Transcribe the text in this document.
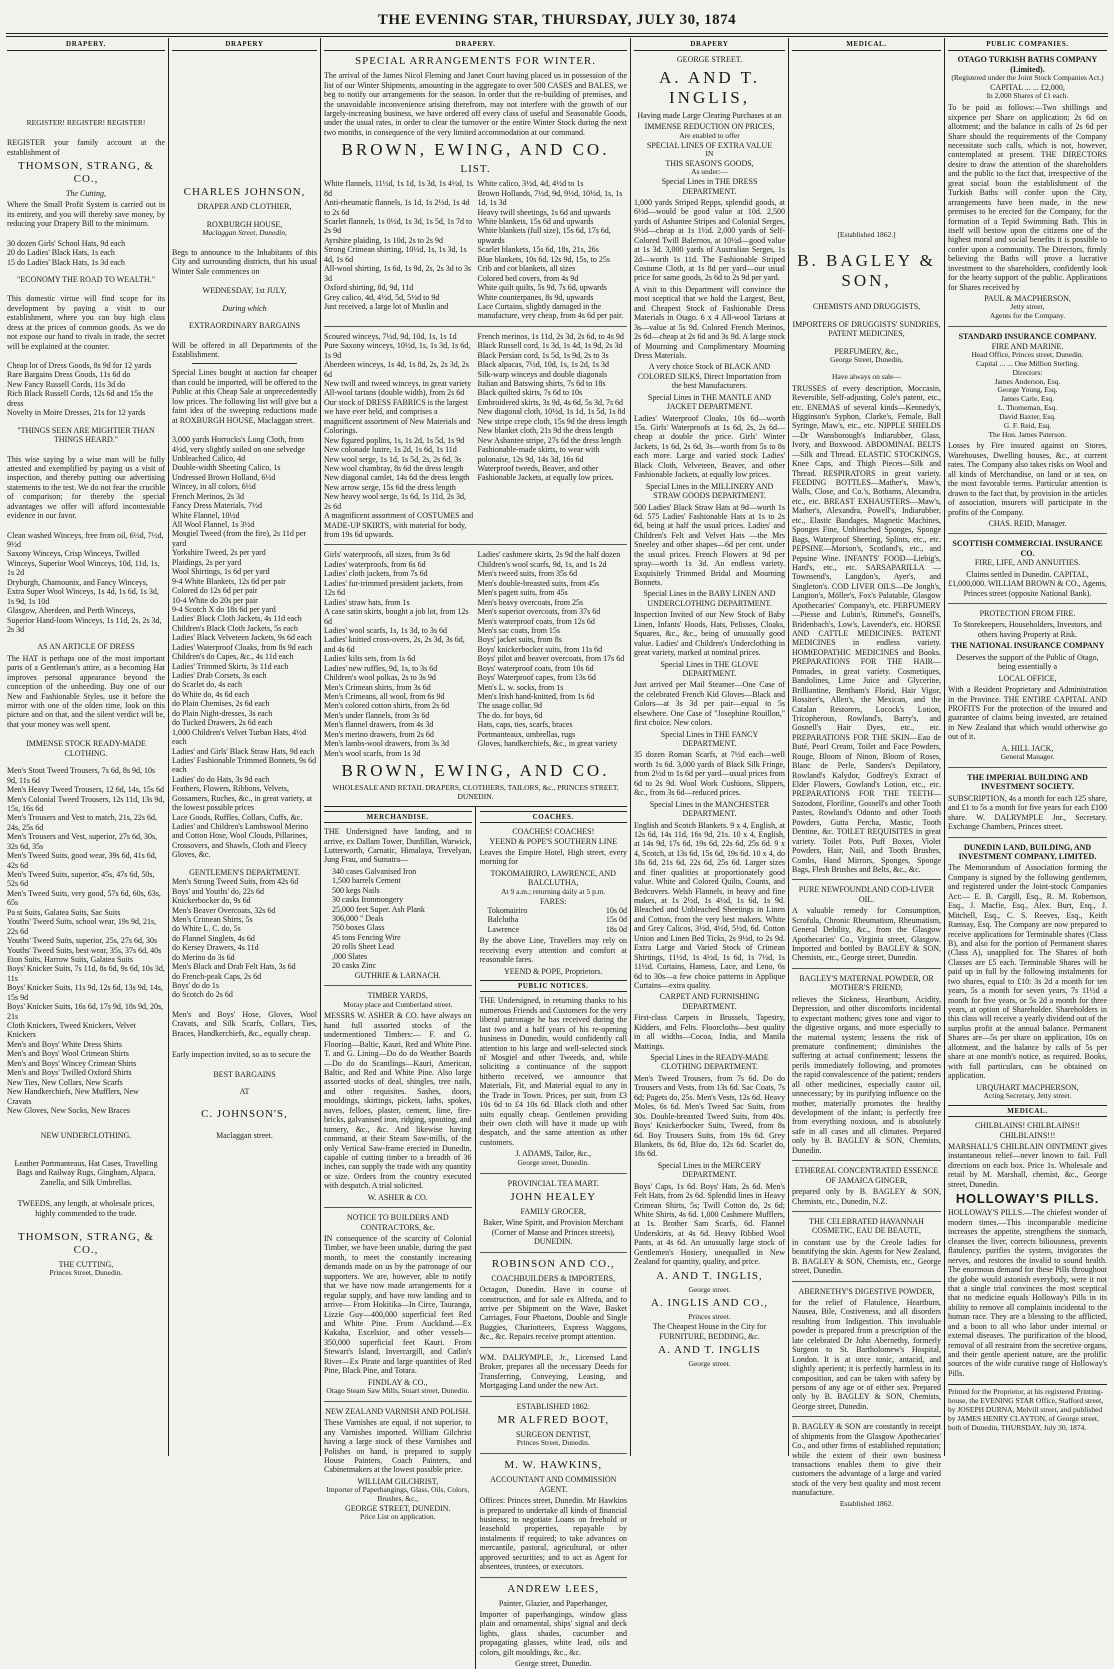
THE EVENING STAR, THURSDAY, JULY 30, 1874
DRAPERY.
REGISTER! REGISTER! REGISTER!

REGISTER your family account at the establishment of

THOMSON, STRANG, & CO.,
The Cutting,

Where the Small Profit System is carried out in its entirety, and you will thereby save money, by reducing your Drapery Bill to the minimum.

30 dozen Girls' School Hats, 9d each
20 do Ladies' Black Hats, 1s each
15 do Ladies' Black Hats, 1s 3d each
"ECONOMY THE ROAD TO WEALTH."

This domestic virtue will find scope for its development by paying a visit to our establishment, where you can buy high class dress at the prices of common goods. As we do not expose our hand to rivals in trade, the secret will be explained at the counter.

Cheap lot of Dress Goods, 8s 9d for 12 yards
Rare Bargains Dress Goods, 11s 6d do
New Fancy Russell Cords, 11s 3d do
Rich Black Russell Cords, 12s 6d and 15s the dress
Novelty in Moire Dresses, 21s for 12 yards
"THINGS SEEN ARE MIGHTIER THAN THINGS HEARD."

This wise saying by a wise man will be fully attested and exemplified by paying us a visit of inspection, and thereby putting our advertising statements to the test. We do not fear the crucible of comparison; for thereby the special advantages we offer will afford incontestable evidence in our favor.

Clean washed Winceys, free from oil, 6½d, 7½d, 9½d
Saxony Winceys, Crisp Winceys, Twilled Winceys, Superior Wool Winceys, 10d, 11d, 1s, 1s 2d
Dryburgh, Chamounix, and Fancy Winceys, Extra Super Wool Winceys, 1s 4d, 1s 6d, 1s 3d, 1s 9d, 1s 10d
Glasgow, Aberdeen, and Perth Winceys, Superior Hand-loom Winceys, 1s 11d, 2s, 2s 3d, 2s 3d
AS AN ARTICLE OF DRESS

The HAT is perhaps one of the most important parts of a Gentleman's attire, as a becoming Hat improves personal appearance beyond the conception of the unheeding. Buy one of our New and Fashionable Styles, use it before the mirror with one of the olden time, look on this picture and on that, and the silent verdict will be, that your money was well spent.

IMMENSE STOCK READY-MADE CLOTHING.
Men's Stout Tweed Trousers, 7s 6d, 8s 9d, 10s 9d, 11s 6d
Men's Heavy Tweed Trousers, 12 6d, 14s, 15s 6d
Men's Colonial Tweed Trousers, 12s 11d, 13s 9d, 15s, 16s 6d
Men's Trousers and Vest to match, 21s, 22s 6d, 24s, 25s 6d
Men's Trousers and Vest, superior, 27s 6d, 30s, 32s 6d, 35s
Men's Tweed Suits, good wear, 39s 6d, 41s 6d, 42s 6d
Men's Tweed Suits, superior, 45s, 47s 6d, 50s, 52s 6d
Men's Tweed Suits, very good, 57s 6d, 60s, 63s, 65s
Pa st Suits, Galatea Suits, Sac Suits
Youths' Tweed Suits, school wear, 19s 9d, 21s, 22s 6d
Youths' Tweed Suits, superior, 25s, 27s 6d, 30s
Youths' Tweed Suits, best wear, 35s, 37s 6d, 40s
Eton Suits, Harrow Suits, Galatea Suits
Boys' Knicker Suits, 7s 11d, 8s 6d, 9s 6d, 10s 3d, 11s
Boys' Knicker Suits, 11s 9d, 12s 6d, 13s 9d, 14s, 15s 9d
Boys' Knicker Suits, 16s 6d, 17s 9d, 18s 9d, 20s, 21s
Cloth Knickers, Tweed Knickers, Velvet Knickers
Men's and Boys' White Dress Shirts
Men's and Boys' Wool Crimean Shirts
Men's and Boys' Wincey Crimean Shirts
Men's and Boys' Twilled Oxford Shirts
New Ties, New Collars, New Scarfs
New Handkerchiefs, New Mufflers, New Cravats
New Gloves, New Socks, New Braces
NEW UNDERCLOTHING.

Leather Portmanteaus, Hat Cases, Travelling Bags and Railway Rugs, Gingham, Alpaca, Zanella, and Silk Umbrellas.

TWEEDS, any length, at wholesale prices, highly commended to the trade.

THOMSON, STRANG, & CO.,
THE CUTTING,
Princes Street, Dunedin.
DRAPERY
CHARLES JOHNSON,
DRAPER AND CLOTHIER,
ROXBURGH HOUSE,
Maclaggan Street, Dunedin,

Begs to announce to the Inhabitants of this City and surrounding districts, that his usual Winter Sale commences on

WEDNESDAY, 1st JULY,
During which
EXTRAORDINARY BARGAINS

Will be offered in all Departments of the Establishment.

Special Lines bought at auction far cheaper than could be imported, will be offered to the Public at this Cheap Sale at unprecedentedly low prices. The following list will give but a faint idea of the sweeping reductions made at ROXBURGH HOUSE, Maclaggan street.

3,000 yards Horrocks's Long Cloth, from 4½d, very slightly soiled on one selvedge
Unbleached Calico, 4d
Double-width Sheeting Calico, 1s
Undressed Brown Holland, 6½d
Wincey, in all colors, 6½d
French Merinos, 2s 3d
Fancy Dress Materials, 7½d
White Flannel, 10½d
All Wool Flannel, 1s 3½d
Mosgiel Tweed (from the fire), 2s 11d per yard
Yorkshire Tweed, 2s per yard
Plaidings, 2s per yard
Wool Shirtings, 1s 6d per yard
9-4 White Blankets, 12s 6d per pair
Colored do 12s 6d per pair
10-4 White do 20s per pair
9-4 Scotch X do 18s 6d per yard
Ladies' Black Cloth Jackets, 4s 11d each
Children's Black Cloth Jackets, 5s each
Ladies' Black Velveteen Jackets, 9s 6d each
Ladies' Waterproof Cloaks, from 8s 9d each
Children's do Capes, &c., 4s 11d each
Ladies' Trimmed Skirts, 3s 11d each
Ladies' Drab Corsets, 3s each
do Scarlet do, 4s each
do White do, 4s 6d each
do Plain Chemises, 2s 6d each
do Plain Night-dresses, 3s each
do Tucked Drawers, 2s 6d each
1,000 Children's Velvet Turban Hats, 4½d each
Ladies' and Girls' Black Straw Hats, 9d each
Ladies' Fashionable Trimmed Bonnets, 9s 6d each
Ladies' do do Hats, 3s 9d each
Feathers, Flowers, Ribbons, Velvets, Gossamers, Ruches, &c., in great variety, at the lowest possible prices
Lace Goods, Ruffles, Collars, Cuffs, &c.
Ladies' and Children's Lambswool Merino and Cotton Hose, Wool Clouds, Pillarines, Crossovers, and Shawls, Cloth and Fleecy Gloves, &c.
GENTLEMEN'S DEPARTMENT.
Men's Strong Tweed Suits, from 42s 6d
Boys' and Youths' do, 22s 6d
Knickerbocker do, 9s 6d
Men's Beaver Overcoats, 32s 6d
Men's Crimean Shirts, 5s
do White L. C. do, 5s
do Flannel Singlets, 4s 6d
do Kersey Drawers, 4s 11d
do Merino do 3s 6d
Men's Black and Drab Felt Hats, 3s 6d
do French-peak Caps, 2s 6d
Boys' do do 1s
do Scotch do 2s 6d

Men's and Boys' Hose, Gloves, Wool Cravats, and Silk Scarfs, Collars, Ties, Braces, Handkerchiefs, &c., equally cheap.

Early inspection invited, so as to secure the

BEST BARGAINS
AT
C. JOHNSON'S,
Maclaggan street.
DRAPERY.
SPECIAL ARRANGEMENTS FOR WINTER.

The arrival of the James Nicol Fleming and Janet Court having placed us in possession of the list of our Winter Shipments, amounting in the aggregate to over 500 CASES and BALES, we beg to notify our arrangements for the season. In order that the re-building of premises, and the unavoidable inconvenience arising therefrom, may not interfere with the growth of our largely-increasing business, we have ordered off every class of useful and Seasonable Goods, under the usual rates, in order to clear the turnover or the entire Winter Stock during the next two months, in consequence of the very limited accommodation at our command.

BROWN, EWING, AND CO.
LIST.
White flannels, 11½d, 1s 1d, 1s 3d, 1s 4½d, 1s 8d
Anti-rheumatic flannels, 1s 1d, 1s 2½d, 1s 4d to 2s 6d
Scarlet flannels, 1s 0½d, 1s 3d, 1s 5d, 1s 7d to 2s 9d
Ayrshire plaiding, 1s 10d, 2s to 2s 9d
Strong Crimean shirting, 10½d, 1s, 1s 3d, 1s 4d, 1s 6d
All-wool shirting, 1s 6d, 1s 9d, 2s, 2s 3d to 3s 3d
Oxford shirting, 8d, 9d, 11d
Grey calico, 4d, 4½d, 5d, 5½d to 9d
Just received, a large lot of Muslin and
White calico, 3½d, 4d, 4½d to 1s
Brown Hollands, 7½d, 9d, 9½d, 10½d, 1s, 1s 1d, 1s 3d
Heavy twill sheetings, 1s 6d and upwards
White blankets, 15s 6d and upwards
White blankets (full size), 15s 6d, 17s 6d, upwards
Scarlet blankets, 15s 6d, 18s, 21s, 26s
Blue blankets, 10s 6d, 12s 9d, 15s, to 25s
Crib and cot blankets, all sizes
Colored bed covers, from 4s 9d
White quilt quilts, 5s 9d, 7s 6d, upwards
White counterpanes, 8s 9d, upwards
Lace Curtains, slightly damaged in the manufacture, very cheap, from 4s 6d per pair.
Scoured winceys, 7½d, 9d, 10d, 1s, 1s 1d
Pure Saxony winceys, 10½d, 1s, 1s 3d, 1s 6d, 1s 9d
Aberdeen winceys, 1s 4d, 1s 8d, 2s, 2s 3d, 2s 6d
New twill and tweed winceys, in great variety
All-wool tartans (double width), from 2s 6d
Our stock of DRESS FABRICS is the largest we have ever held, and comprises a magnificent assortment of New Materials and Colorings.
New figured poplins, 1s, 1s 2d, 1s 5d, 1s 9d
New colonade lustre, 1s 2d, 1s 6d, 1s 11d
New wool serge, 1s 1d, 1s 5d, 2s, 2s 6d, 3s
New wool chambray, 8s 6d the dress length
New diagonal camlet, 14s 6d the dress length
New arrow serge, 15s 6d the dress length
New heavy wool serge, 1s 6d, 1s 11d, 2s 3d, 2s 6d
A magnificent assortment of COSTUMES and MADE-UP SKIRTS, with material for body, from 19s 6d upwards.
French merinos, 1s 11d, 2s 3d, 2s 6d, to 4s 9d
Black Russell cord, 1s 3d, 1s 4d, 1s 9d, 2s 3d
Black Persian cord, 1s 5d, 1s 9d, 2s to 3s
Black alpacas, 7½d, 10d, 1s, 1s 2d, 1s 3d
Silk-warp winceys and double diagonals
Italian and Batswing shirts, 7s 6d to 18s
Black quilted skirts, 7s 6d to 10s
Embroidered skirts, 3s 9d, 4s 6d, 5s 3d, 7s 6d
New diagonal cloth, 10½d, 1s 1d, 1s 5d, 1s 8d
New stripe crepe cloth, 15s 9d the dress length
New blanket cloth, 21s 9d the dress length
New Ashantee stripe, 27s 6d the dress length
Fashionable-made skirts, to wear with polonaise, 12s 9d, 14s 3d, 16s 6d
Waterproof tweeds, Beaver, and other Fashionable Jackets, at equally low prices.
Girls' waterproofs, all sizes, from 3s 6d
Ladies' waterproofs, from 6s 6d
Ladies' cloth jackets, from 7s 6d
Ladies' fur-trimmed president jackets, from 12s 6d
Ladies' straw hats, from 1s
A case satin skirts, bought a job lot, from 12s 6d
Ladies' wool scarfs, 1s, 1s 3d, to 3s 6d
Ladies' knitted cross-overs, 2s, 2s 3d, 3s 6d, and 4s 6d
Ladies' kilts sets, from 1s 6d
Ladies' new ruffles, 9d, 1s, to 3s 6d
Children's wool polkas, 2s to 3s 9d
Men's Crimean shirts, from 3s 6d
Men's Crimeans, all wool, from 6s 9d
Men's colored cotton shirts, from 2s 6d
Men's under flannels, from 3s 6d
Men's flannel drawers, from 4s 3d
Men's merino drawers, from 2s 6d
Men's lambs-wool drawers, from 3s 3d
Men's wool scarfs, from 1s 3d
Ladies' cashmere skirts, 2s 9d the half dozen
Children's wool scarfs, 9d, 1s, and 1s 2d
Men's tweed suits, from 35s 6d
Men's double-breasted suits, from 45s
Men's pagett suits, from 45s
Men's heavy overcoats, from 25s
Men's superior overcoats, from 37s 6d
Men's waterproof coats, from 12s 6d
Men's sac coats, from 15s
Boys' jacket suits, from 8s
Boys' knickerbocker suits, from 11s 6d
Boys' pilot and beaver overcoats, from 17s 6d
Boys' waterproof coats, from 10s 6d
Boys' Waterproof capes, from 13s 6d
Men's L. w. socks, from 1s
Men's Irish hand-knitted, from 1s 6d
The usage collar, 9d
The do. for boys, 6d
Hats, caps, ties, scarfs, braces
Portmanteaux, umbrellas, rugs
Gloves, handkerchiefs, &c., in great variety
BROWN, EWING, AND CO.
WHOLESALE AND RETAIL DRAPERS, CLOTHIERS, TAILORS, &c., PRINCES STREET, DUNEDIN.
MERCHANDISE.

THE Undersigned have landing, and to arrive, ex Dallam Tower, Dunfillan, Warwick, Lutterworth, Carnatic, Himalaya, Trevelyan, Jung Frau, and Sumatra—

340 cases Galvanised Iron
1,500 barrels Cement
500 kegs Nails
30 casks Ironmongery
25,000 feet Super. Ash Plank
306,000 " Deals
750 boxes Glass
45 tons Fencing Wire
20 rolls Sheet Lead
,000 Slates
20 casks Zinc
GUTHRIE & LARNACH.
TIMBER YARDS,
Moray place and Cumberland street.

MESSRS W. ASHER & CO. have always on hand full assorted stocks of the undermentioned Timbers:— F. and G. Flooring—Baltic, Kauri, Red and White Pine. T. and G. Lining—Do do do Weather Boards—Do do do Scantlings—Kauri, American, Baltic, and Red and White Pine. Also large assorted stocks of deal, shingles, tree nails, and other requisites. Sashes, doors, mouldings, skirtings, pickets, laths, spokes, naves, felloes, plaster, cement, lime, fire-bricks, galvanised iron, ridging, spouting, and turnery, &c., &c. And likewise having command, at their Steam Saw-mills, of the only Vertical Saw-frame erected in Dunedin, capable of cutting timber to a breadth of 36 inches, can supply the trade with any quantity or size. Orders from the country executed with despatch. A trial solicited.

W. ASHER & CO.
NOTICE TO BUILDERS AND CONTRACTORS, &c.

IN consequence of the scarcity of Colonial Timber, we have been unable, during the past month, to meet the constantly increasing demands made on us by the patronage of our supporters. We are, however, able to notify that we have now made arrangements for a regular supply, and have now landing and to arrive— From Hokitika—In Circe, Tauranga, Lizzie Guy—400,000 superficial feet Red and White Pine. From Auckland.—Ex Kakaha, Excelsior, and other vessels—350,000 superficial feet Kauri. From Stewart's Island, Invercargill, and Catlin's River—Ex Pirate and large quantities of Red Pine, Black Pine, and Totara.

FINDLAY & CO.,
Otago Steam Saw Mills, Stuart street, Dunedin.
NEW ZEALAND VARNISH AND POLISH.

These Varnishes are equal, if not superior, to any Varnishes imported. William Gilchrist having a large stock of these Varnishes and Polishes on hand, is prepared to supply House Painters, Coach Painters, and Cabinetmakers at the lowest possible price.

WILLIAM GILCHRIST,
Importer of Paperhangings, Glass, Oils, Colors, Brushes, &c.,
GEORGE STREET, DUNEDIN.
Price List on application.
COACHES.
COACHES! COACHES!
YEEND & POPE'S SOUTHERN LINE

Leaves the Empire Hotel, High street, every morning for

TOKOMAIRIRO, LAWRENCE, AND BALCLUTHA,
At 9 a.m.; returning daily at 5 p.m.
FARES:
Tokomairiro	10s 0d
Balclutha	15s 0d
Lawrence	18s 0d

By the above Line, Travellers may rely on receiving every attention and comfort at reasonable fares.

YEEND & POPE, Proprietors.
PUBLIC NOTICES.

THE Undersigned, in returning thanks to his numerous Friends and Customers for the very liberal patronage he has received during the last two and a half years of his re-opening business in Dunedin, would confidently call attention to his large and well-selected stock of Mosgiel and other Tweeds, and, while soliciting a continuance of the support hitherto received, we announce that Materials, Fit, and Material equal to any in the Trade in Town. Prices, per suit, from £3 10s 6d to £4 10s 6d. Black cloth and other suits equally cheap. Gentlemen providing their own cloth will have it made up with despatch, and the same attention as other customers.

J. ADAMS, Tailor, &c.,
George street, Dunedin.
PROVINCIAL TEA MART.
JOHN HEALEY
FAMILY GROCER,

Baker, Wine Spirit, and Provision Merchant (Corner of Manse and Princes streets), DUNEDIN.

ROBINSON AND CO.,
COACHBUILDERS & IMPORTERS,

Octagon, Dunedin. Have in course of construction, and for sale ex Alfreda, and to arrive per Shipment on the Wave, Basket Carriages, Four Phaetons, Double and Single Buggies, Chariotteers, Express Waggons, &c., &c. Repairs receive prompt attention.

WM. DALRYMPLE, Jr., Licensed Land Broker, prepares all the necessary Deeds for Transferring, Conveying, Leasing, and Mortgaging Land under the new Act.

ESTABLISHED 1862.
MR ALFRED BOOT,
SURGEON DENTIST,
Princes Street, Dunedin.
M. W. HAWKINS,
ACCOUNTANT AND COMMISSION AGENT.

Offices: Princes street, Dunedin. Mr Hawkins is prepared to undertake all kinds of financial business; to negotiate Loans on freehold or leasehold properties, repayable by instalments if required; to take advances on mercantile, pastoral, agricultural, or other approved securities; and to act as Agent for absentees, trustees, or executors.

ANDREW LEES,
Painter, Glazier, and Paperhanger,

Importer of paperhangings, window glass plain and ornamental, ships' signal and deck lights, glass shades, cucumber and propagating glasses, white lead, oils and colors, gilt mouldings, &c., &c.

George street, Dunedin.
DRAPERY
GEORGE STREET.
A. AND T. INGLIS,

Having made Large Clearing Purchases at an

IMMENSE REDUCTION ON PRICES,
Are enabled to offer
SPECIAL LINES OF EXTRA VALUE
IN
THIS SEASON'S GOODS,
As under:—
Special Lines in THE DRESS DEPARTMENT.

1,000 yards Striped Repps, splendid goods, at 6½d—would be good value at 10d. 2,500 yards of Ashantee Stripes and Colonial Serges, 9½d—cheap at 1s 1½d. 2,000 yards of Self-Colored Twill Balernos, at 10½d—good value at 1s 3d. 3,000 yards of Australian Serges, 1s 2d—worth 1s 11d. The Fashionable Striped Costume Cloth, at 1s 8d per yard—our usual price for same goods, 2s 6d to 2s 9d per yard.

A visit to this Department will convince the most sceptical that we hold the Largest, Best, and Cheapest Stock of Fashionable Dress Materials in Otago. 6 x 4 All-wool Tartans at 3s—value at 5s 9d. Colored French Merinos, 2s 6d—cheap at 2s 6d and 3s 9d. A large stock of Mourning and Complimentary Mourning Dress Materials.

A very choice Stock of BLACK AND COLORED SILKS, Direct Importation from the best Manufacturers.

Special Lines in THE MANTLE AND JACKET DEPARTMENT.

Ladies' Waterproof Cloaks, 10s 6d—worth 15s. Girls' Waterproofs at 1s 6d, 2s, 2s 6d—cheap at double the price. Girls' Winter Jackets, 1s 6d, 2s 6d, 3s—worth from 5s to 8s each more. Large and varied stock Ladies' Black Cloth, Velveteen, Beaver, and other Fashionable Jackets, at equally low prices.

Special Lines in the MILLINERY AND STRAW GOODS DEPARTMENT.

500 Ladies' Black Straw Hats at 9d—worth 1s 6d. 575 Ladies' Fashionable Hats at 1s to 2s 6d, being at half the usual prices. Ladies' and Children's Felt and Velvet Hats —the Mrs Sneeley and other shapes—6d per cent. under the usual prices. French Flowers at 9d per spray—worth 1s 3d. An endless variety. Exquisitely Trimmed Bridal and Mourning Bonnets.

Special Lines in the BABY LINEN AND UNDERCLOTHING DEPARTMENT.

Inspection Invited of our New Stock of Baby Linen, Infants' Hoods, Hats, Pelisses, Cloaks, Squares, &c., &c., being of unusually good value. Ladies' and Children's Underclothing in great variety, marked at nominal prices.

Special Lines in THE GLOVE DEPARTMENT.

Just arrived per Mail Steamer—One Case of the celebrated French Kid Gloves—Black and Colors—at 3s 3d per pair—equal to 5s elsewhere. One Case of "Josephine Rouillon," first choice. New colors.

Special Lines in THE FANCY DEPARTMENT.

35 dozen Roman Scarfs, at 7½d each—well worth 1s 6d. 3,000 yards of Black Silk Fringe, from 2½d to 1s 6d per yard—usual prices from 6d to 2s 9d. Wool Work Cushions, Slippers, &c., from 3s 6d—reduced prices.

Special Lines in the MANCHESTER DEPARTMENT.

English and Scotch Blankets. 9 x 4, English, at 12s 6d, 14s 11d, 16s 9d, 21s. 10 x 4, English, at 14s 9d, 17s 6d, 19s 6d, 22s 6d, 25s 6d. 9 x 4, Scotch, at 13s 6d, 15s 6d, 19s 6d. 10 x 4, do 18s 6d, 21s 6d, 22s 6d, 25s 6d. Larger sizes and finer qualities at proportionately good value. White and Colored Quilts, Counts, and Bedcovers. Welsh Flannels, in heavy and fine makes, at 1s 2½d, 1s 4½d, 1s 6d, 1s 9d. Bleached and Unbleached Sheetings in Linen and Cotton, from the very best makers. White and Grey Calicos, 3½d, 4½d, 5½d, 6d. Cotton Union and Linen Bed Ticks, 2s 9½d, to 2s 9d. Extra Large and Varied Stock of Crimean Shirtings, 11½d, 1s 4½d, 1s 6d, 1s 7½d, 1s 11½d. Curtains, Hamess, Lace, and Leno, 6s 6d to 30s—a few choice patterns in Applique Curtains—extra quality.

CARPET AND FURNISHING DEPARTMENT.

First-class Carpets in Brussels, Tapestry, Kidders, and Felts. Floorcloths—best quality in all widths—Cocoa, India, and Manila Mattings.

Special Lines in the READY-MADE CLOTHING DEPARTMENT.

Men's Tweed Trousers, from 7s 6d. Do do Trousers and Vests, from 13s 6d. Sac Coats, 7s 6d; Pagets do, 25s. Men's Vests, 12s 6d. Heavy Moles, 6s 6d. Men's Tweed Sac Suits, from 30s. Double-breasted Tweed Suits, from 40s. Boys' Knickerbocker Suits, Tweed, from 8s 6d. Boy Trousers Suits, from 19s 6d. Grey Blankets, 8s 6d, Blue do, 12s 6d. Scarlet do, 18s 6d.

Special Lines in the MERCERY DEPARTMENT.

Boys' Caps, 1s 6d. Boys' Hats, 2s 6d. Men's Felt Hats, from 2s 6d. Splendid lines in Heavy Crimean Shirts, 5s; Twill Cotton do, 2s 6d; White Shirts, 4s 6d. 1,000 Cashmere Mufflers, at 1s. Brother Sam Scarfs, 6d. Flannel Underskirts, at 4s 6d. Heavy Ribbed Wool Pants, at 4s 6d. An unusually large stock of Gentlemen's Hosiery, unequalled in New Zealand for quantity, quality, and price.

A. AND T. INGLIS,
George street.
A. INGLIS AND CO.,
Princes street.
The Cheapest House in the City for
FURNITURE, BEDDING, &c.
A. AND T. INGLIS
George street.
MEDICAL.
[Established 1862.]
B. BAGLEY & SON,
CHEMISTS AND DRUGGISTS,
IMPORTERS OF DRUGGISTS' SUNDRIES, PATENT MEDICINES,
PERFUMERY, &c.,
George Street, Dunedin,
Have always on sale—

TRUSSES of every description, Moccasin, Reversible, Self-adjusting, Cole's patent, etc., etc. ENEMAS of several kinds—Kennedy's, Higginson's Syphon, Clarke's, Female, Ball Syringe, Maw's, etc., etc. NIPPLE SHIELDS—Dr Wansborough's Indiarubber, Glass, Ivory, and Boxwood. ABDOMINAL BELTS—Silk and Thread. ELASTIC STOCKINGS, Knee Caps, and Thigh Pieces—Silk and Thread. RESPIRATORS in great variety. FEEDING BOTTLES—Mather's, Maw's, Walls, Close, and Co.'s, Bothams, Alexandra, etc., etc. BREAST EXHAUSTERS—Maw's, Mather's, Alexandra, Powell's, Indiarubber, etc., Elastic Bandages, Magnetic Machines, Sponges Fine, Unbleached Sponges, Sponge Bags, Waterproof Sheeting, Splints, etc., etc. PEPSINE—Morson's, Scotland's, etc., and Pepsine Wine. INFANTS' FOOD—Liebig's, Hard's, etc., etc. SARSAPARILLA — Townsend's, Langdon's, Ayer's, and Singleton's. COD LIVER OILS—De Jongh's, Langton's, Möller's, Fox's Palatable, Glasgow Apothecaries' Company's, etc. PERFUMERY—Piesse and Lubin's, Rimmel's, Gosnell's, Bridenbach's, Low's, Lavender's, etc. HORSE AND CATTLE MEDICINES. PATENT MEDICINES in endless variety. HOMŒOPATHIC MEDICINES and Books. PREPARATIONS FOR THE HAIR—Pomades, in great variety. Cosmetiques, Bandolines, Lime Juice and Glycerine, Brilliantine, Bentham's Florid, Hair Vigor, Rossiter's, Allen's, the Mexican, and the Catalan Restorers, Locock's Lotion, Tricopherous, Rowland's, Barry's, and Gosnell's Hair Dyes, etc., etc. PREPARATIONS FOR THE SKIN—Eau de Buté, Pearl Cream, Toilet and Face Powders, Rouge, Bloom of Ninon, Bloom of Roses, Blanc de Perle, Sanders's Depilatory, Rowland's Kalydor, Godfrey's Extract of Elder Flowers, Gowland's Lotion, etc., etc. PREPARATIONS FOR THE TEETH—Sozodont, Floriline, Gosnell's and other Tooth Pastes, Rowland's Odonto and other Tooth Powders, Gutta Percha, Mastic, Tooth Dentine, &c. TOILET REQUISITES in great variety. Toilet Pots, Puff Boxes, Violet Powders, Hair, Nail, and Tooth Brushes, Combs, Hand Mirrors, Sponges, Sponge Bags, Flesh Brushes and Belts, &c., &c.

PURE NEWFOUNDLAND COD-LIVER OIL.

A valuable remedy for Consumption, Scrofula, Chronic Rheumatism, Rheumatism, General Debility, &c., from the Glasgow Apothecaries' Co., Virginia street, Glasgow. Imported and bottled by BAGLEY & SON, Chemists, etc., George street, Dunedin.

BAGLEY'S MATERNAL POWDER, OR MOTHER'S FRIEND,

relieves the Sickness, Heartburn, Acidity, Depression, and other discomforts incidental to expectant mothers; gives tone and vigor to the digestive organs, and more especially to the maternal system; lessens the risk of premature confinement; diminishes the suffering at actual confinement; lessens the perils immediately following, and promotes the rapid convalescence of the patient; renders all other medicines, especially castor oil, unnecessary; by its purifying influence on the mother, materially promotes the healthy development of the infant; is perfectly free from everything noxious, and is absolutely safe in all cases and all climates. Prepared only by B. BAGLEY & SON, Chemists, Dunedin.

ETHEREAL CONCENTRATED ESSENCE OF JAMAICA GINGER,

prepared only by B. BAGLEY & SON, Chemists, etc., Dunedin, N.Z.

THE CELEBRATED HAVANNAH COSMETIC, EAU DE BEAUTE,

in constant use by the Creole ladies for beautifying the skin. Agents for New Zealand, B. BAGLEY & SON, Chemists, etc., George street, Dunedin.

ABERNETHY'S DIGESTIVE POWDER,

for the relief of Flatulence, Heartburn, Nausea, Bile, Costiveness, and all disorders resulting from Indigestion. This invaluable powder is prepared from a prescription of the late celebrated Dr John Abernethy, formerly Surgeon to St. Bartholomew's Hospital, London. It is at once tonic, antacid, and slightly aperient; it is perfectly harmless in its composition, and can be taken with safety by persons of any age or of either sex. Prepared only by B. BAGLEY & SON, Chemists, George street, Dunedin.

B. BAGLEY & SON are constantly in receipt of shipments from the Glasgow Apothecaries' Co., and other firms of established reputation; while the extent of their own business transactions enables them to give their customers the advantage of a large and varied stock of the very best quality and most recent manufacture.

Established 1862.
PUBLIC COMPANIES.
OTAGO TURKISH BATHS COMPANY (Limited).
(Registered under the Joint Stock Companies Act.)
CAPITAL ... ... £2,000,
In 2,000 Shares of £1 each.

To be paid as follows:—Two shillings and sixpence per Share on application; 2s 6d on allotment; and the balance in calls of 2s 6d per Share should the requirements of the Company necessitate such calls, which is not, however, contemplated at present. THE DIRECTORS desire to draw the attention of the shareholders and the public to the fact that, irrespective of the great social boon the establishment of the Turkish Baths will confer upon the City, arrangements have been made, in the new premises to be erected for the Company, for the formation of a Tepid Swimming Bath. This in itself will bestow upon the citizens one of the highest moral and social benefits it is possible to confer upon a community. The Directors, firmly believing the Baths will prove a lucrative investment to the shareholders, confidently look for the hearty support of the public. Applications for Shares received by

PAUL & MACPHERSON,
Jetty street,
Agents for the Company.
STANDARD INSURANCE COMPANY.
FIRE AND MARINE.
Head Office, Princes street, Dunedin.
Capital ... ... One Million Sterling.
Directors:
James Anderson, Esq.
George Young, Esq.
James Carle, Esq.
L. Thomeman, Esq.
David Baxter, Esq.
G. F. Reid, Esq.
The Hon. James Paterson.

Losses by Fire insured against on Stores, Warehouses, Dwelling houses, &c., at current rates. The Company also takes risks on Wool and all kinds of Merchandise, on land or at sea, on the most favorable terms. Particular attention is drawn to the fact that, by provision in the articles of association, insurers will participate in the profits of the Company.

CHAS. REID, Manager.
SCOTTISH COMMERCIAL INSURANCE CO.
FIRE, LIFE, AND ANNUITIES.

Claims settled in Dunedin. CAPITAL, £1,000,000. WILLIAM BROWN & CO., Agents, Princes street (opposite National Bank).

PROTECTION FROM FIRE.

To Storekeepers, Householders, Investors, and others having Property at Risk.

THE NATIONAL INSURANCE COMPANY

Deserves the support of the Public of Otago, being essentially a

LOCAL OFFICE,

With a Resident Proprietary and Administration in the Province. THE ENTIRE CAPITAL AND PROFITS For the protection of the insured and guarantee of claims being invested, are retained in New Zealand that which would otherwise go out of it.

A. HILL JACK,
General Manager.
THE IMPERIAL BUILDING AND INVESTMENT SOCIETY.

SUBSCRIPTION, 4s a month for each 125 share, and £1 to 5s a month for five years for each £100 share. W. DALRYMPLE Jnr., Secretary. Exchange Chambers, Princes street.

DUNEDIN LAND, BUILDING, AND INVESTMENT COMPANY, LIMITED.

The Memorandum of Association forming the Company is signed by the following gentlemen, and registered under the Joint-stock Companies Act:— E. B. Cargill, Esq., R. M. Robertson, Esq., J. Macfie, Esq., Alex. Burt, Esq., J. Mitchell, Esq., C. S. Reeves, Esq., Keith Ramsay, Esq. The Company are now prepared to receive applications for Terminable shares (Class B), and also for the portion of Permanent shares (Class A), unapplied for. The Shares of both Classes are £5 each. Terminable Shares will be paid up in full by the following instalments for two shares, equal to £10: 3s 2d a month for ten years, 5s a month for seven years, 7s 11½d a month for five years, or 5s 2d a month for three years, at option of Shareholder. Shareholders in this class will receive a yearly dividend out of the surplus profit at the annual balance. Permanent Shares are—5s per share on application, 10s on allotment, and the balance by calls of 5s per share at one month's notice, as required. Books, with full particulars, can be obtained on application.

URQUHART MACPHERSON,
Acting Secretary, Jetty street.
MEDICAL.
CHILBLAINS! CHILBLAINS!! CHILBLAINS!!!

MARSHALL'S CHILBLAIN OINTMENT gives instantaneous relief—never known to fail. Full directions on each box. Price 1s. Wholesale and retail by M. Marshall, chemist, &c., George street, Dunedin.

HOLLOWAY'S PILLS.

HOLLOWAY'S PILLS.—The chiefest wonder of modern times.—This incomparable medicine increases the appetite, strengthens the stomach, cleanses the liver, corrects biliousness, prevents flatulency, purifies the system, invigorates the nerves, and restores the invalid to sound health. The enormous demand for these Pills throughout the globe would astonish everybody, were it not that a single trial convinces the most sceptical that no medicine equals Holloway's Pills in its ability to remove all complaints incidental to the human race. They are a blessing to the afflicted, and a boon to all who labor under internal or external diseases. The purification of the blood, removal of all restraint from the secretive organs, and their gentle aperient nature, are the prolific sources of the wide curative range of Holloway's Pills.

Printed for the Proprietor, at his registered Printing-house, the EVENING STAR Office, Stafford street, by JOSEPH DURNA, Melvill street, and published by JAMES HENRY CLAYTON, of George street, both of Dunedin, THURSDAY, July 30, 1874.
